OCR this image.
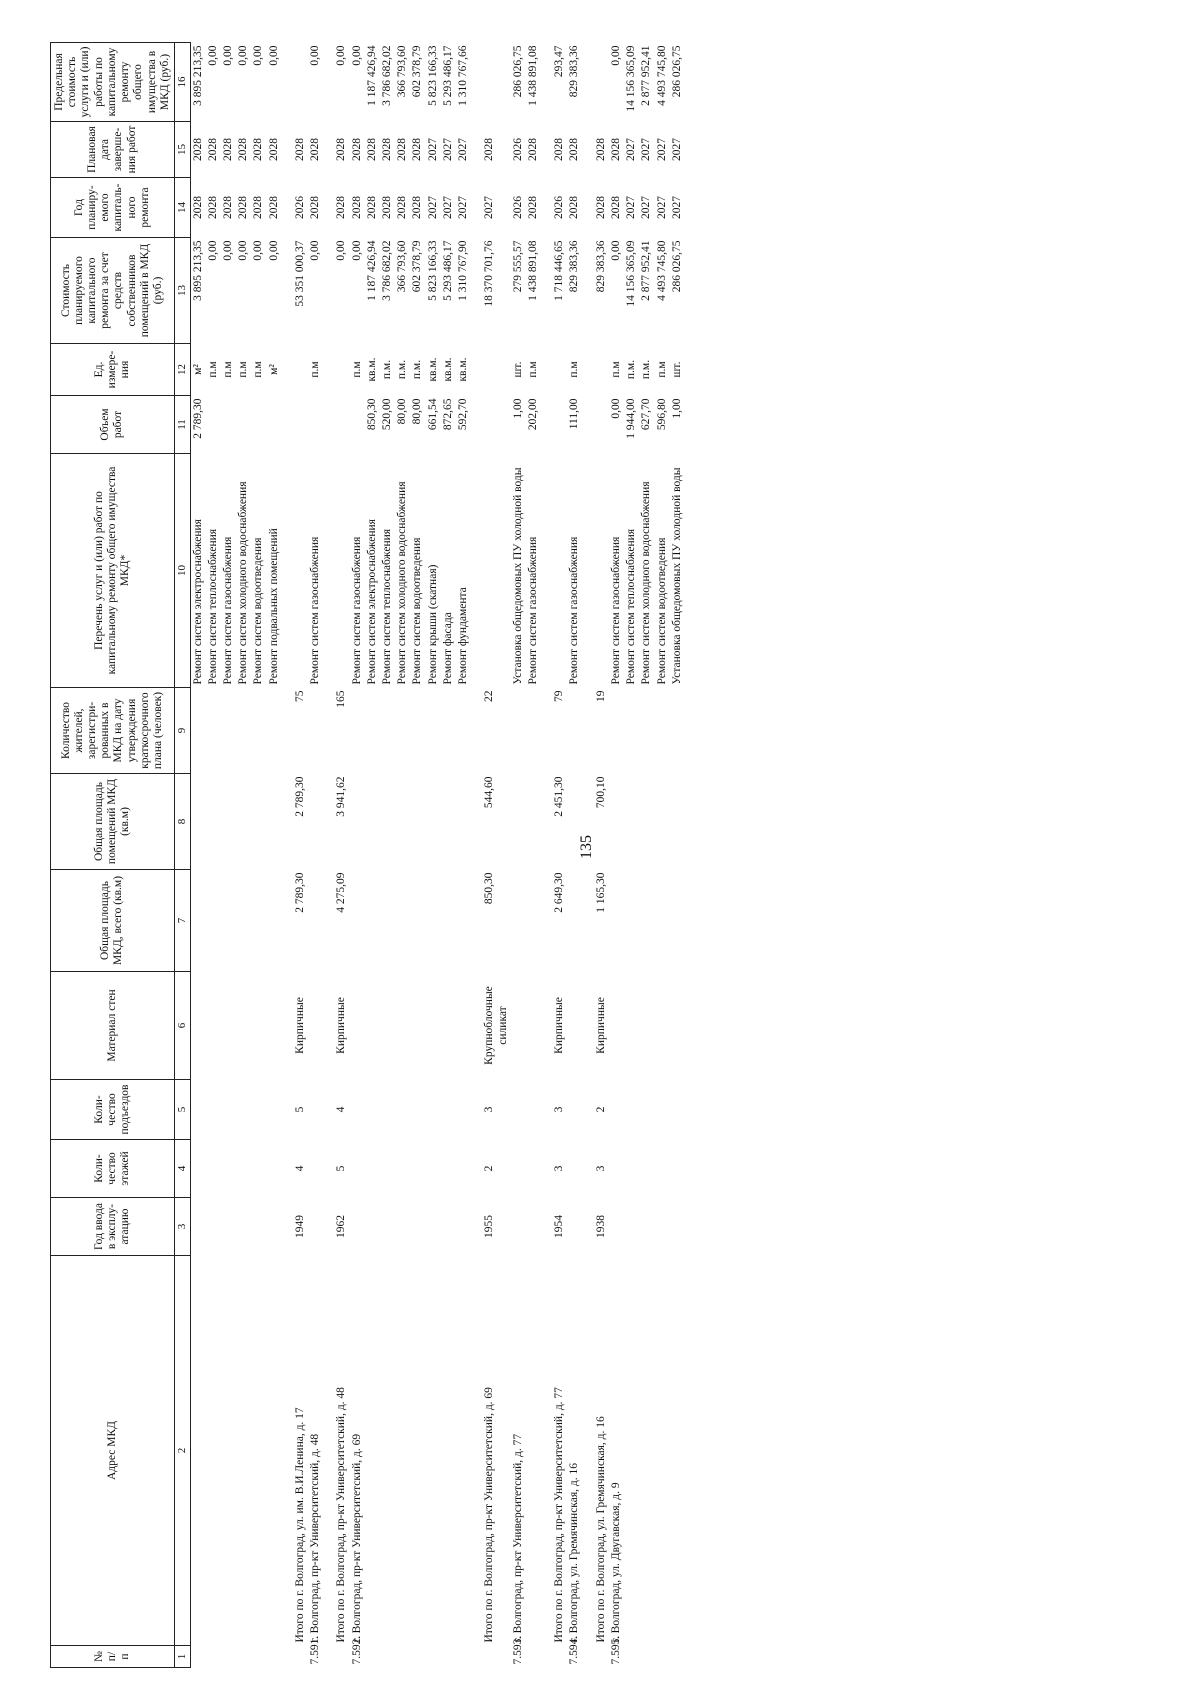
135
№ п/п	Адрес МКД	Год ввода в эксплу-атацию	Коли-чество этажей	Коли-чество подъездов	Материал стен	Общая площадь МКД, всего (кв.м)	Общая площадь помещений МКД (кв.м)	Количество жителей, зарегистри-рованных в МКД на дату утверждения краткосрочного плана (человек)	Перечень услуг и (или) работ по капитальному ремонту общего имущества МКД*	Объем работ	Ед. измере-ния	Стоимость планируемого капитального ремонта за счет средств собственников помещений в МКД (руб.)	Год планиру-емого капиталь-ного ремонта	Плановая дата заверше-ния работ	Предельная стоимость услуги и (или) работы по капитальному ремонту общего имущества в МКД (руб.)
1	2	3	4	5	6	7	8	9	10	11	12	13	14	15	16
									Ремонт систем электроснабжения	2 789,30	м²	3 895 213,35	2028	2028	3 895 213,35
									Ремонт систем теплоснабжения		п.м	0,00	2028	2028	0,00
									Ремонт систем газоснабжения		п.м	0,00	2028	2028	0,00
									Ремонт систем холодного водоснабжения		п.м	0,00	2028	2028	0,00
									Ремонт систем водоотведения		п.м	0,00	2028	2028	0,00
									Ремонт подвальных помещений		м²	0,00	2028	2028	0,00
	Итого по г. Волгоград, ул. им. В.И.Ленина, д. 17	1949	4	5	Кирпичные	2 789,30	2 789,30	75				53 351 000,37	2026	2028	
7.591.	г. Волгоград, пр-кт Университетский, д. 48								Ремонт систем газоснабжения		п.м	0,00	2028	2028	0,00
	Итого по г. Волгоград, пр-кт Университетский, д. 48	1962	5	4	Кирпичные	4 275,09	3 941,62	165				0,00	2028	2028	0,00
7.592.	г. Волгоград, пр-кт Университетский, д. 69								Ремонт систем газоснабжения		п.м	0,00	2028	2028	0,00
									Ремонт систем электроснабжения	850,30	кв.м.	1 187 426,94	2028	2028	1 187 426,94
									Ремонт систем теплоснабжения	520,00	п.м.	3 786 682,02	2028	2028	3 786 682,02
									Ремонт систем холодного водоснабжения	80,00	п.м.	366 793,60	2028	2028	366 793,60
									Ремонт систем водоотведения	80,00	п.м.	602 378,79	2028	2028	602 378,79
									Ремонт крыши (скатная)	661,54	кв.м.	5 823 166,33	2027	2027	5 823 166,33
									Ремонт фасада	872,65	кв.м.	5 293 486,17	2027	2027	5 293 486,17
									Ремонт фундамента	592,70	кв.м.	1 310 767,90	2027	2027	1 310 767,66
	Итого по г. Волгоград, пр-кт Университетский, д. 69	1955	2	3	Крупноблочные силикат	850,30	544,60	22				18 370 701,76	2027	2028	
7.593.	г. Волгоград, пр-кт Университетский, д. 77								Установка общедомовых ПУ холодной воды	1,00	шт.	279 555,57	2026	2026	286 026,75
									Ремонт систем газоснабжения	202,00	п.м	1 438 891,08	2028	2028	1 438 891,08
	Итого по г. Волгоград, пр-кт Университетский, д. 77	1954	3	3	Кирпичные	2 649,30	2 451,30	79				1 718 446,65	2026	2028	293,47
7.594.	г. Волгоград, ул. Гремячинская, д. 16								Ремонт систем газоснабжения	111,00	п.м	829 383,36	2028	2028	829 383,36
	Итого по г. Волгоград, ул. Гремячинская, д. 16	1938	3	2	Кирпичные	1 165,30	700,10	19				829 383,36	2028	2028	
7.595.	г. Волгоград, ул. Двугавская, д. 9								Ремонт систем газоснабжения	0,00	п.м	0,00	2028	2028	0,00
									Ремонт систем теплоснабжения	1 944,00	п.м.	14 156 365,09	2027	2027	14 156 365,09
									Ремонт систем холодного водоснабжения	627,70	п.м.	2 877 952,41	2027	2027	2 877 952,41
									Ремонт систем водоотведения	596,80	п.м	4 493 745,80	2027	2027	4 493 745,80
									Установка общедомовых ПУ холодной воды	1,00	шт.	286 026,75	2027	2027	286 026,75
